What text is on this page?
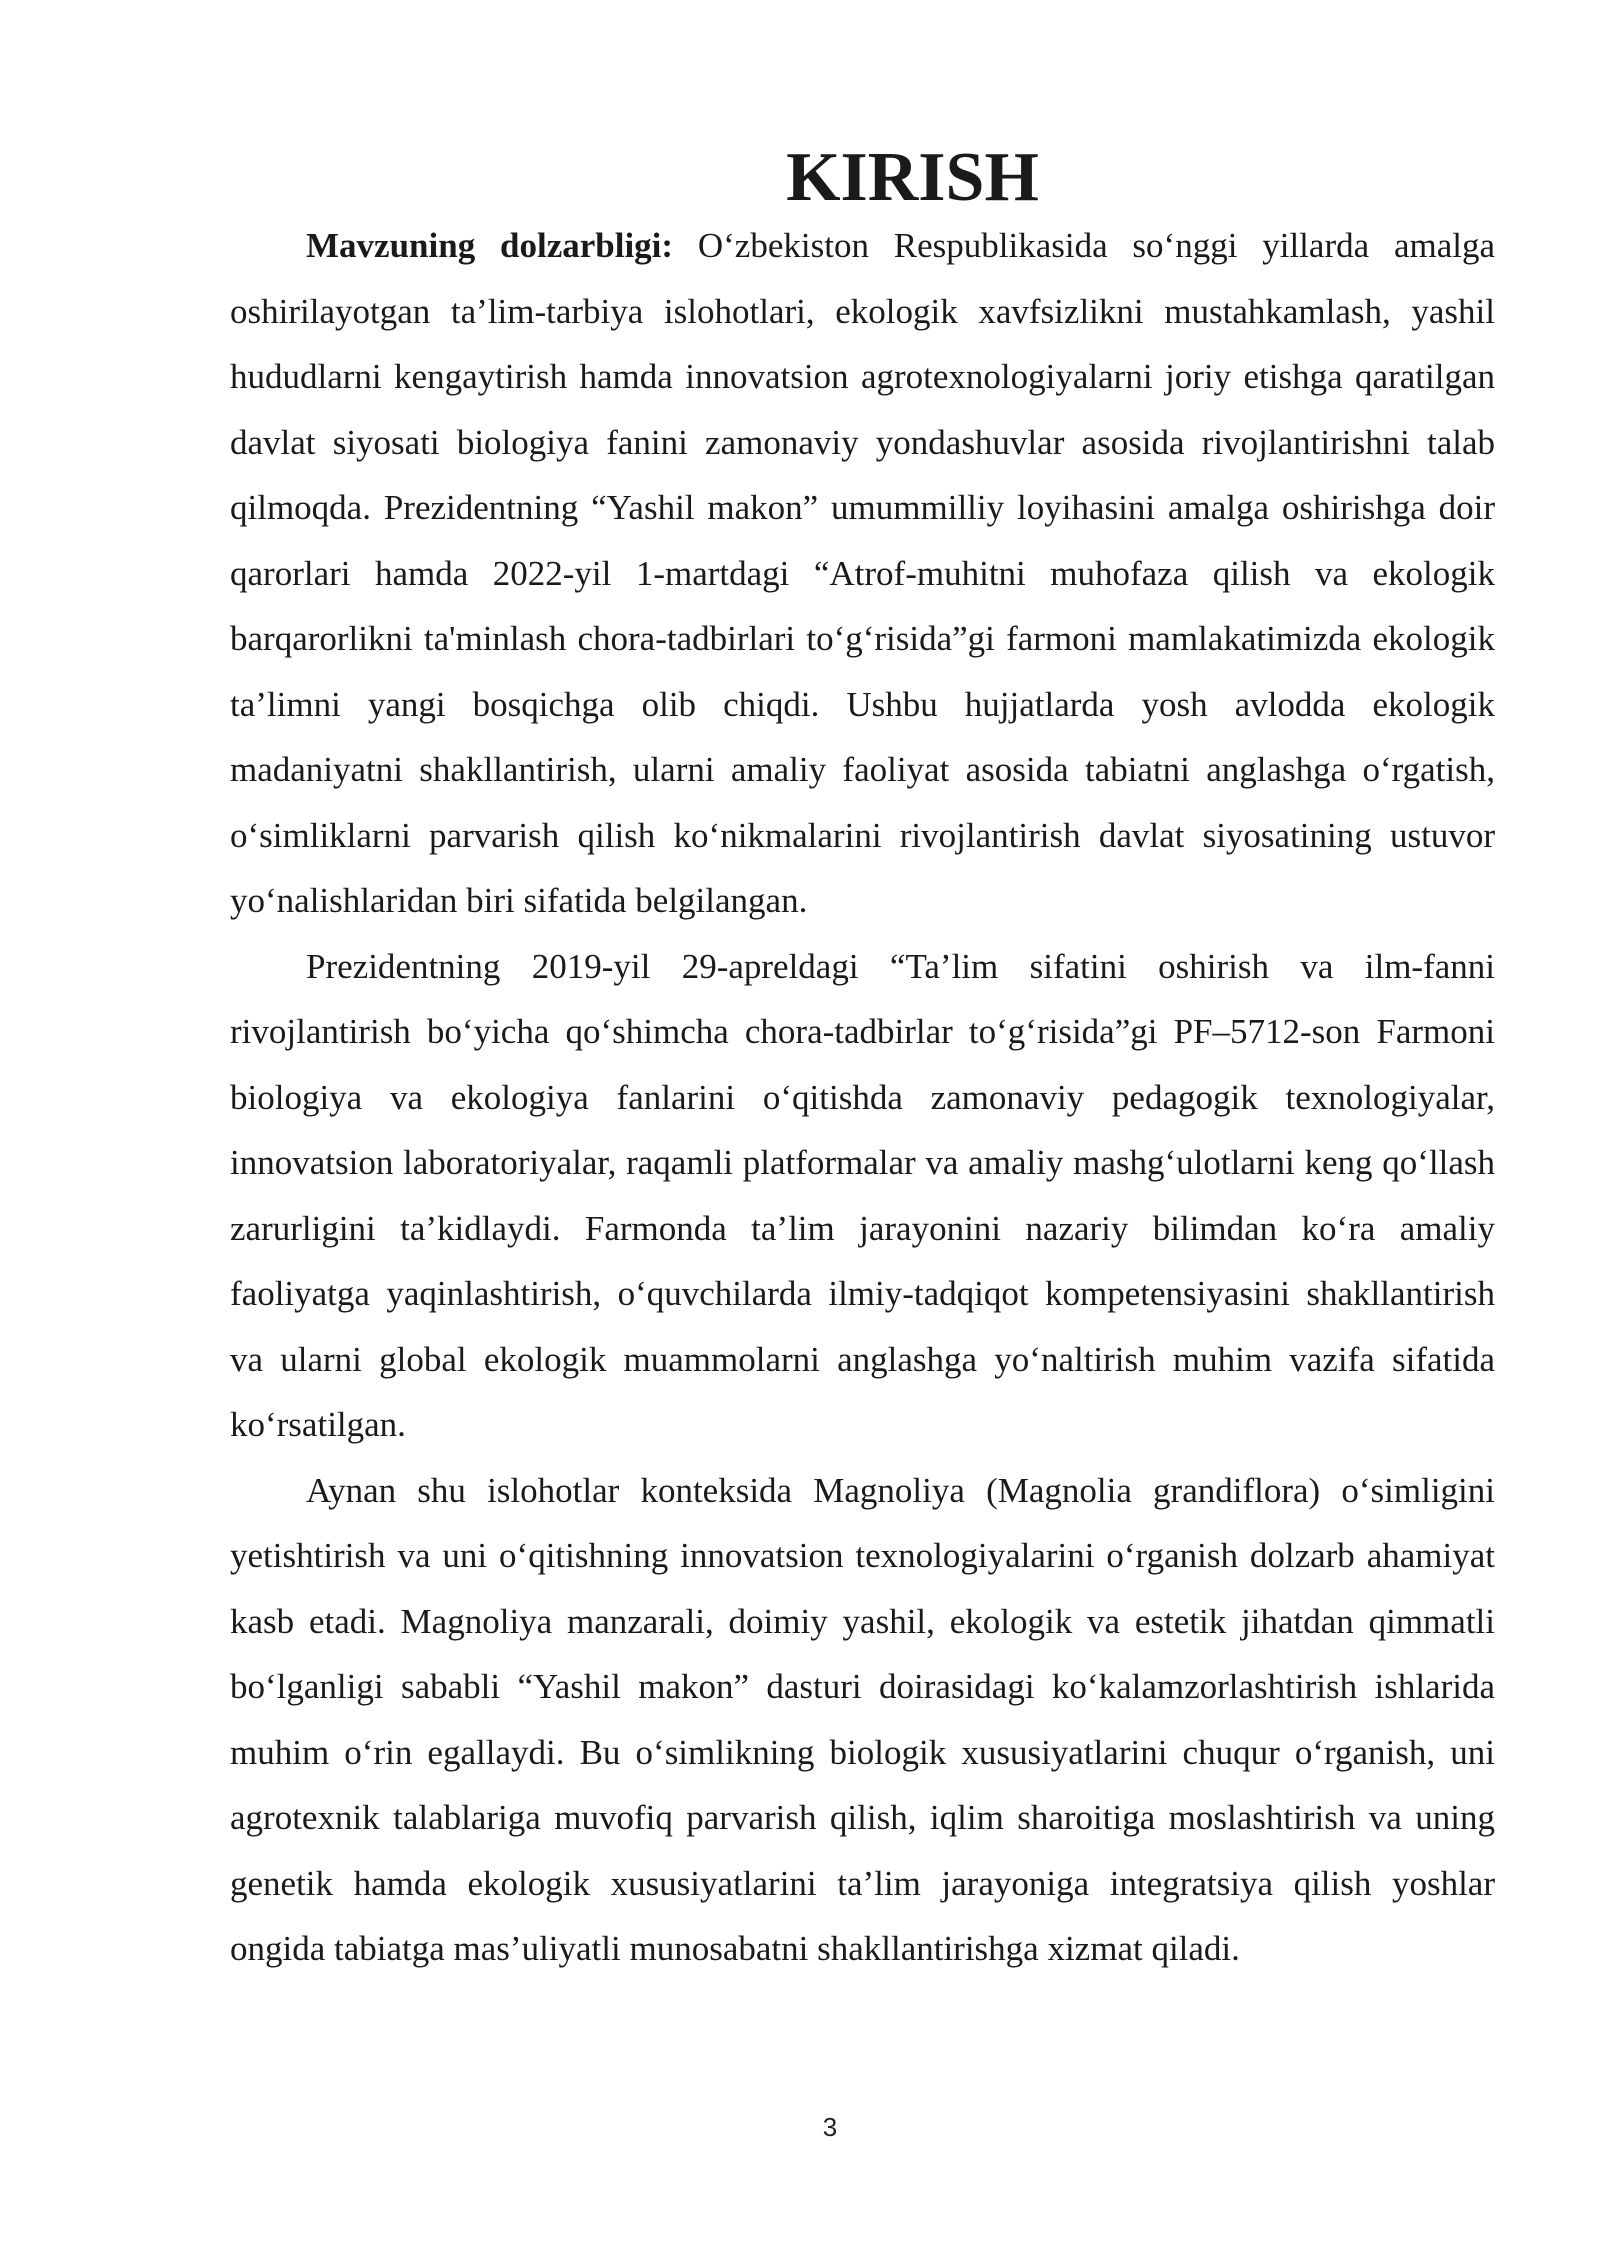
KIRISH

Mavzuning dolzarbligi: O‘zbekiston Respublikasida so‘nggi yillarda amalga oshirilayotgan ta’lim-tarbiya islohotlari, ekologik xavfsizlikni mustahkamlash, yashil hududlarni kengaytirish hamda innovatsion agrotexnologiyalarni joriy etishga qaratilgan davlat siyosati biologiya fanini zamonaviy yondashuvlar asosida rivojlantirishni talab qilmoqda. Prezidentning “Yashil makon” umummilliy loyihasini amalga oshirishga doir qarorlari hamda 2022-yil 1-martdagi “Atrof-muhitni muhofaza qilish va ekologik barqarorlikni ta'minlash chora-tadbirlari to‘g‘risida”gi farmoni mamlakatimizda ekologik ta’limni yangi bosqichga olib chiqdi. Ushbu hujjatlarda yosh avlodda ekologik madaniyatni shakllantirish, ularni amaliy faoliyat asosida tabiatni anglashga o‘rgatish, o‘simliklarni parvarish qilish ko‘nikmalarini rivojlantirish davlat siyosatining ustuvor yo‘nalishlaridan biri sifatida belgilangan.

Prezidentning 2019-yil 29-apreldagi “Ta’lim sifatini oshirish va ilm-fanni rivojlantirish bo‘yicha qo‘shimcha chora-tadbirlar to‘g‘risida”gi PF–5712-son Farmoni biologiya va ekologiya fanlarini o‘qitishda zamonaviy pedagogik texnologiyalar, innovatsion laboratoriyalar, raqamli platformalar va amaliy mashg‘ulotlarni keng qo‘llash zarurligini ta’kidlaydi. Farmonda ta’lim jarayonini nazariy bilimdan ko‘ra amaliy faoliyatga yaqinlashtirish, o‘quvchilarda ilmiy-tadqiqot kompetensiyasini shakllantirish va ularni global ekologik muammolarni anglashga yo‘naltirish muhim vazifa sifatida ko‘rsatilgan.

Aynan shu islohotlar konteksida Magnoliya (Magnolia grandiflora) o‘simligini yetishtirish va uni o‘qitishning innovatsion texnologiyalarini o‘rganish dolzarb ahamiyat kasb etadi. Magnoliya manzarali, doimiy yashil, ekologik va estetik jihatdan qimmatli bo‘lganligi sababli “Yashil makon” dasturi doirasidagi ko‘kalamzorlashtirish ishlarida muhim o‘rin egallaydi. Bu o‘simlikning biologik xususiyatlarini chuqur o‘rganish, uni agrotexnik talablariga muvofiq parvarish qilish, iqlim sharoitiga moslashtirish va uning genetik hamda ekologik xususiyatlarini ta’lim jarayoniga integratsiya qilish yoshlar ongida tabiatga mas’uliyatli munosabatni shakllantirishga xizmat qiladi.

3
